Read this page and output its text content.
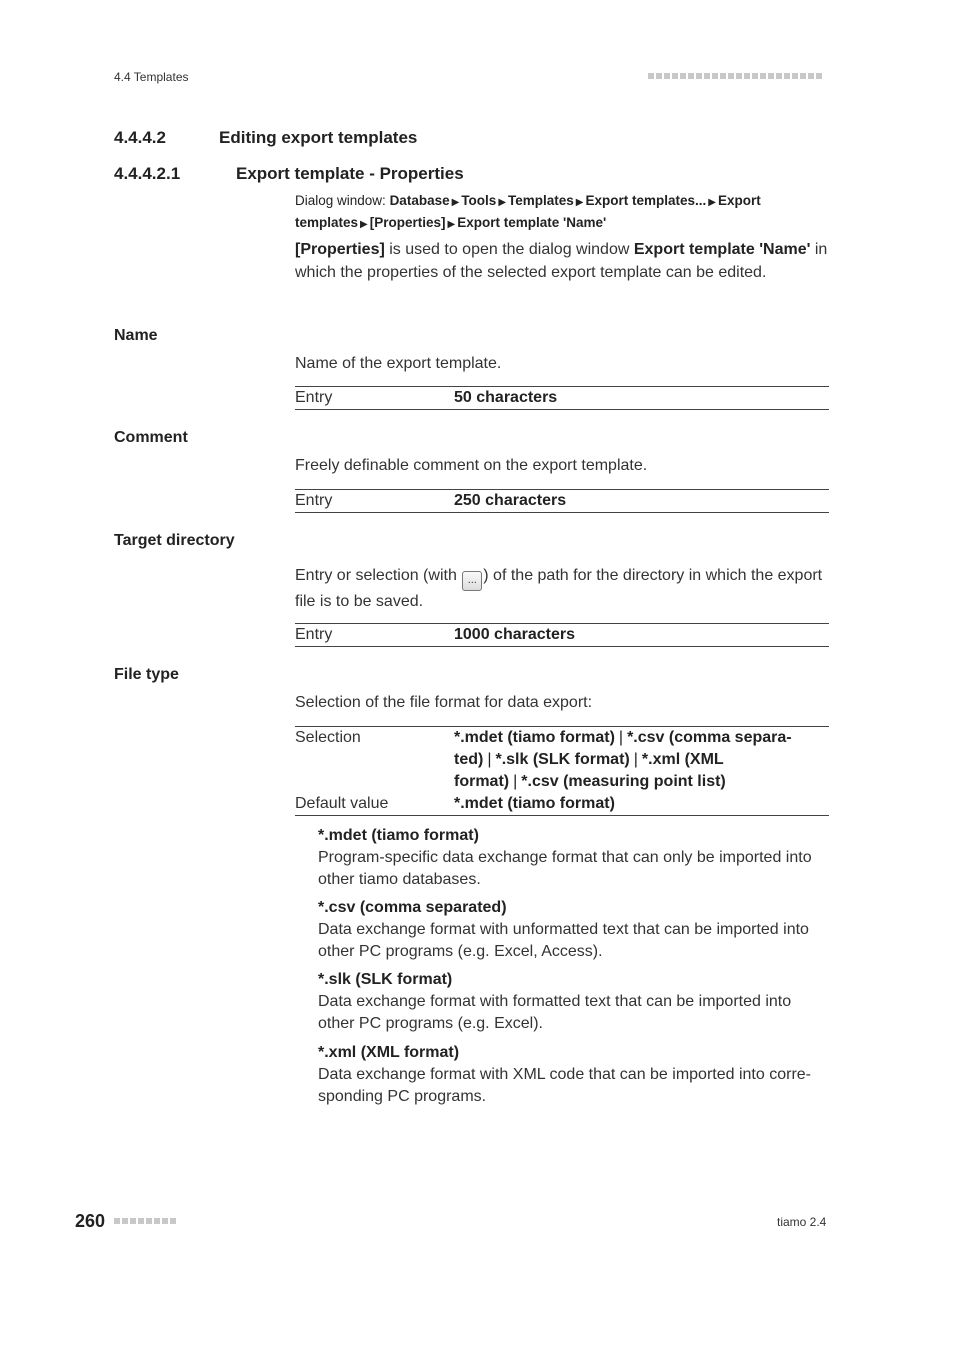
4.4 Templates
4.4.4.2	Editing export templates
4.4.4.2.1	Export template - Properties
Dialog window: Database ▶ Tools ▶ Templates ▶ Export templates... ▶ Export templates ▶ [Properties] ▶ Export template 'Name'
[Properties] is used to open the dialog window Export template 'Name' in which the properties of the selected export template can be edited.
Name
Name of the export template.
Entry	50 characters
Comment
Freely definable comment on the export template.
Entry	250 characters
Target directory
Entry or selection (with ... ) of the path for the directory in which the export file is to be saved.
Entry	1000 characters
File type
Selection of the file format for data export:
Selection	*.mdet (tiamo format) | *.csv (comma separa- ted) | *.slk (SLK format) | *.xml (XML format) | *.csv (measuring point list)
Default value	*.mdet (tiamo format)
*.mdet (tiamo format)
Program-specific data exchange format that can only be imported into other tiamo databases.
*.csv (comma separated)
Data exchange format with unformatted text that can be imported into other PC programs (e.g. Excel, Access).
*.slk (SLK format)
Data exchange format with formatted text that can be imported into other PC programs (e.g. Excel).
*.xml (XML format)
Data exchange format with XML code that can be imported into corre- sponding PC programs.
260	tiamo 2.4
